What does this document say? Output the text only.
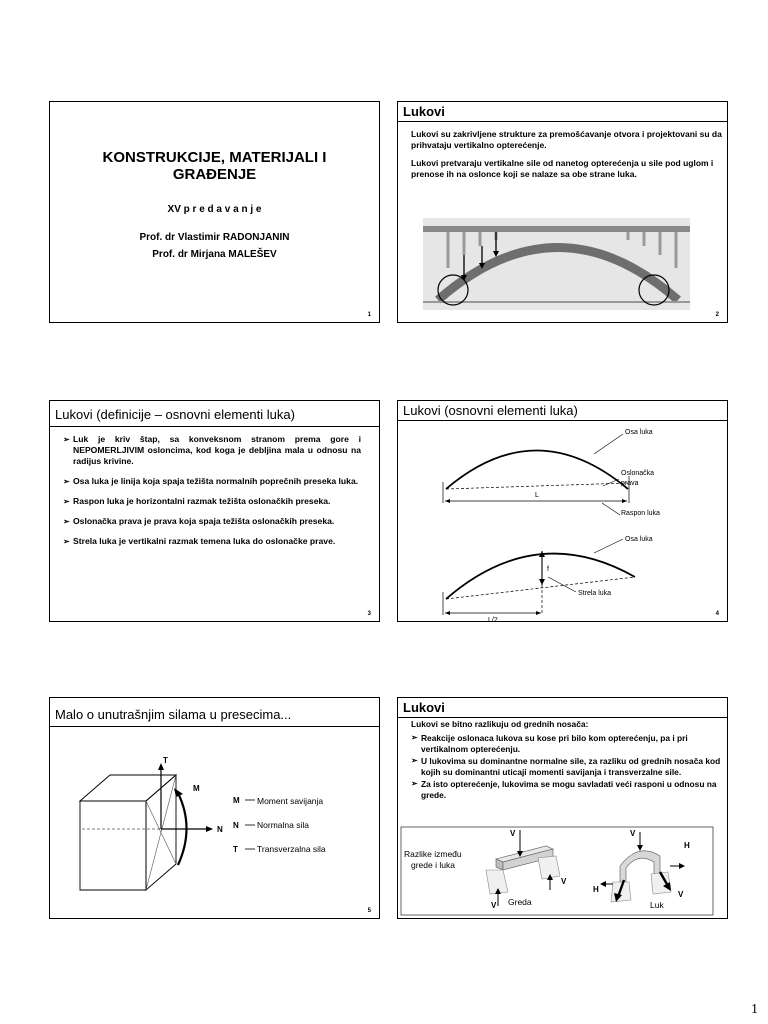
KONSTRUKCIJE, MATERIJALI I GRAĐENJE
XV p r e d a v a n j e
Prof. dr Vlastimir RADONJANIN
Prof. dr Mirjana MALEŠEV
1
Lukovi
Lukovi su zakrivljene strukture za premošćavanje otvora i projektovani su da prihvataju vertikalno opterećenje.
Lukovi pretvaraju vertikalne sile od nanetog opterećenja u sile pod uglom i prenose ih na oslonce koji se nalaze sa obe strane luka.
2
Lukovi (definicije – osnovni elementi luka)
➢ Luk je kriv štap, sa konveksnom stranom prema gore i NEPOMERLJIVIM osloncima, kod koga je debljina mala u odnosu na radijus krivine.
➢ Osa luka je linija koja spaja težišta normalnih poprečnih preseka luka.
➢ Raspon luka je horizontalni razmak težišta oslonačkih preseka.
➢ Oslonačka prava je prava koja spaja težišta oslonačkih preseka.
➢ Strela luka je vertikalni razmak temena luka do oslonačke prave.
3
Lukovi (osnovni elementi luka)
Osa luka
Oslonačka
prava
L
Raspon luka
Osa luka
f
L/2
Strela luka
4
Malo o unutrašnjim silama u presecima...
T
M
N
M Moment savijanja
N Normalna sila
T Transverzalna sila
5
Lukovi
Lukovi se bitno razlikuju od grednih nosača:
➢ Reakcije oslonaca lukova su kose pri bilo kom opterećenju, pa i pri vertikalnom opterećenju.
➢ U lukovima su dominantne normalne sile, za razliku od grednih nosača kod kojih su dominantni uticaji momenti savijanja i transverzalne sile.
➢ Za isto opterećenje, lukovima se mogu savladati veći rasponi u odnosu na grede.
Razlike između
grede i luka
V
V
V
Greda
V
H
H
V
Luk
1
